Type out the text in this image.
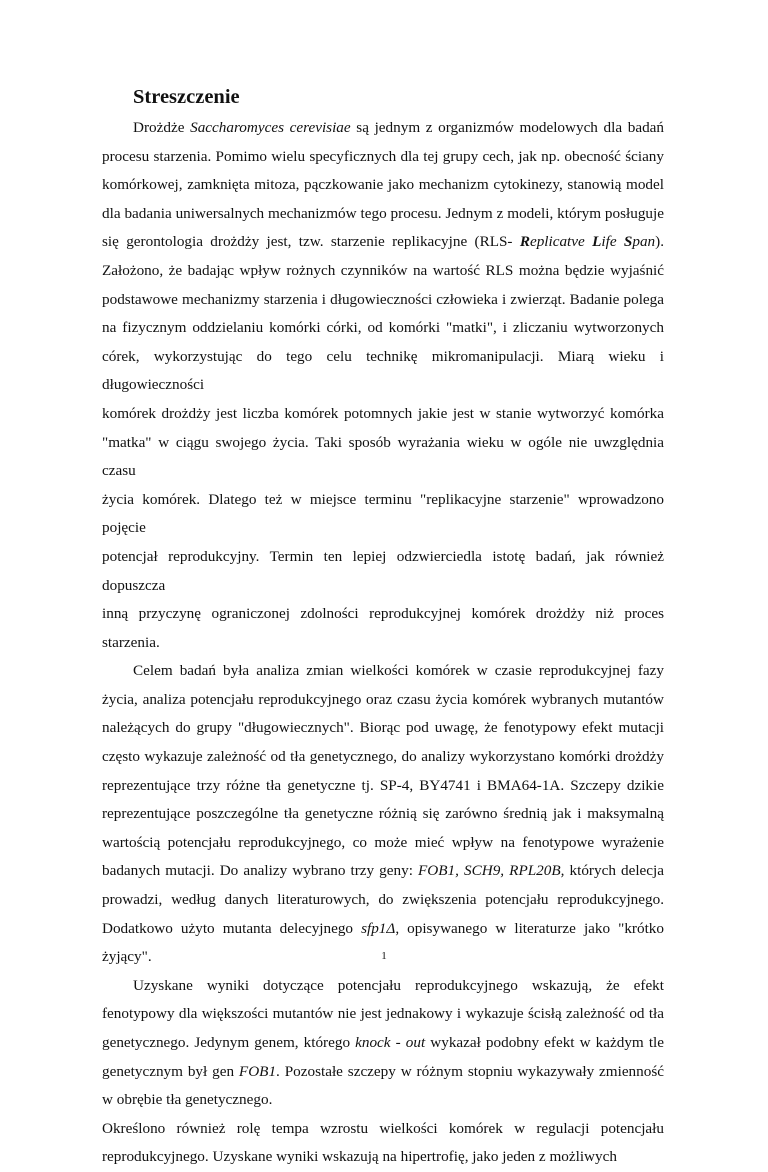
Streszczenie

Drożdże Saccharomyces cerevisiae są jednym z organizmów modelowych dla badań
procesu starzenia. Pomimo wielu specyficznych dla tej grupy cech, jak np. obecność ściany
komórkowej, zamknięta mitoza, pączkowanie jako mechanizm cytokinezy, stanowią model
dla badania uniwersalnych mechanizmów tego procesu. Jednym z modeli, którym posługuje
się gerontologia drożdży jest, tzw. starzenie replikacyjne (RLS- Replicatve Life Span).
Założono, że badając wpływ rożnych czynników na wartość RLS można będzie wyjaśnić
podstawowe mechanizmy starzenia i długowieczności człowieka i zwierząt. Badanie polega
na fizycznym oddzielaniu komórki córki, od komórki "matki", i zliczaniu wytworzonych
córek, wykorzystując do tego celu technikę mikromanipulacji. Miarą wieku i długowieczności
komórek drożdży jest liczba komórek potomnych jakie jest w stanie wytworzyć komórka
"matka" w ciągu swojego życia. Taki sposób wyrażania wieku w ogóle nie uwzględnia czasu
życia komórek. Dlatego też w miejsce terminu "replikacyjne starzenie" wprowadzono pojęcie
potencjał reprodukcyjny. Termin ten lepiej odzwierciedla istotę badań, jak również dopuszcza
inną przyczynę ograniczonej zdolności reprodukcyjnej komórek drożdży niż proces starzenia.

Celem badań była analiza zmian wielkości komórek w czasie reprodukcyjnej fazy
życia, analiza potencjału reprodukcyjnego oraz czasu życia komórek wybranych mutantów
należących do grupy "długowiecznych". Biorąc pod uwagę, że fenotypowy efekt mutacji
często wykazuje zależność od tła genetycznego, do analizy wykorzystano komórki drożdży
reprezentujące trzy różne tła genetyczne tj. SP-4, BY4741 i BMA64-1A. Szczepy dzikie
reprezentujące poszczególne tła genetyczne różnią się zarówno średnią jak i maksymalną
wartością potencjału reprodukcyjnego, co może mieć wpływ na fenotypowe wyrażenie
badanych mutacji. Do analizy wybrano trzy geny: FOB1, SCH9, RPL20B, których delecja
prowadzi, według danych literaturowych, do zwiększenia potencjału reprodukcyjnego.
Dodatkowo użyto mutanta delecyjnego sfp1Δ, opisywanego w literaturze jako "krótko
żyjący".

Uzyskane wyniki dotyczące potencjału reprodukcyjnego wskazują, że efekt
fenotypowy dla większości mutantów nie jest jednakowy i wykazuje ścisłą zależność od tła
genetycznego. Jedynym genem, którego knock - out wykazał podobny efekt w każdym tle
genetycznym był gen FOB1. Pozostałe szczepy w różnym stopniu wykazywały zmienność
w obrębie tła genetycznego.

Określono również rolę tempa wzrostu wielkości komórek w regulacji potencjału
reprodukcyjnego. Uzyskane wyniki wskazują na hipertrofię, jako jeden z możliwych

1
